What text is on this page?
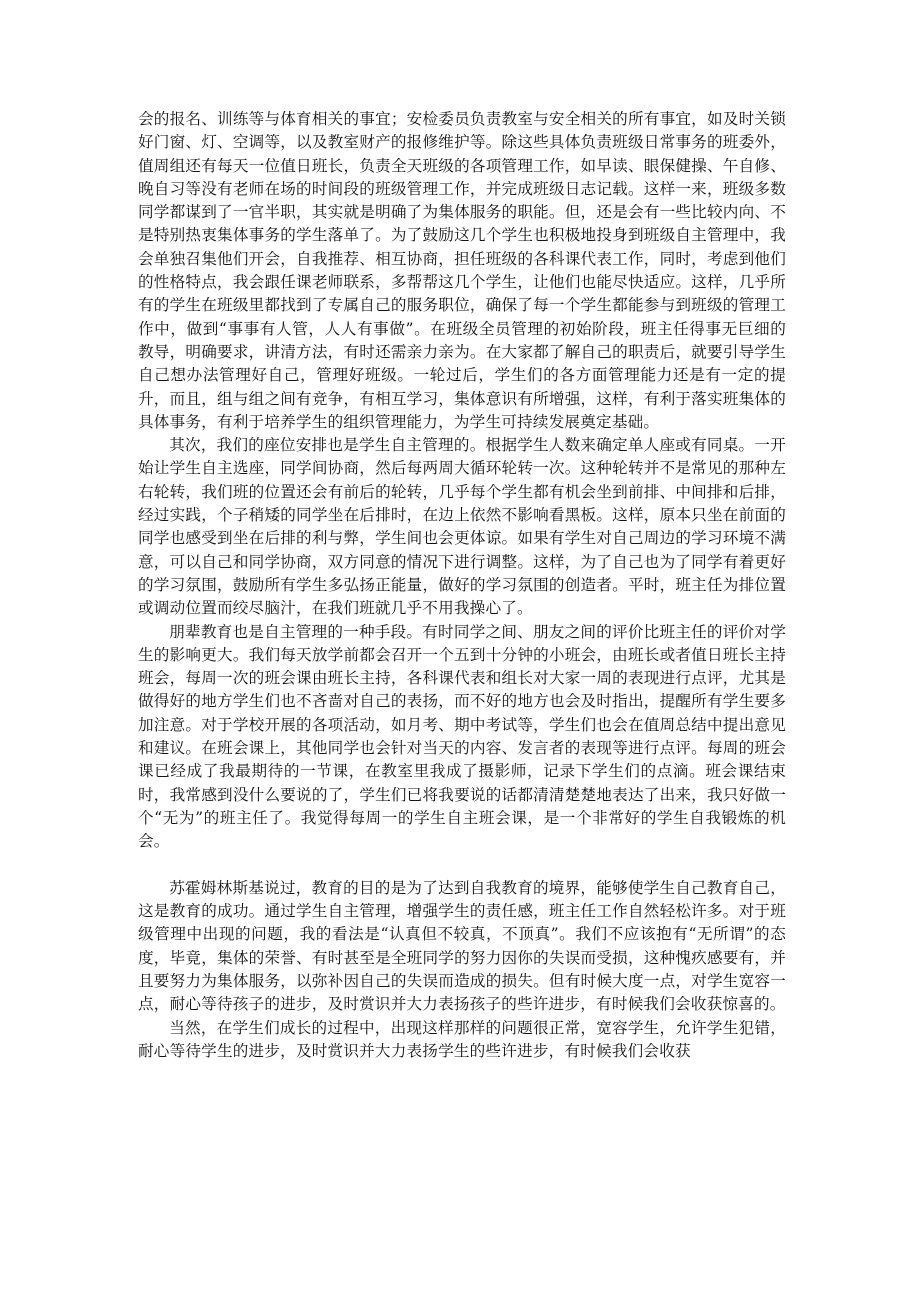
会的报名、训练等与体育相关的事宜；安检委员负责教室与安全相关的所有事宜，如及时关锁好门窗、灯、空调等，以及教室财产的报修维护等。除这些具体负责班级日常事务的班委外，值周组还有每天一位值日班长，负责全天班级的各项管理工作，如早读、眼保健操、午自修、晚自习等没有老师在场的时间段的班级管理工作，并完成班级日志记载。这样一来，班级多数同学都谋到了一官半职，其实就是明确了为集体服务的职能。但，还是会有一些比较内向、不是特别热衷集体事务的学生落单了。为了鼓励这几个学生也积极地投身到班级自主管理中，我会单独召集他们开会，自我推荐、相互协商，担任班级的各科课代表工作，同时，考虑到他们的性格特点，我会跟任课老师联系，多帮帮这几个学生，让他们也能尽快适应。这样，几乎所有的学生在班级里都找到了专属自己的服务职位，确保了每一个学生都能参与到班级的管理工作中，做到“事事有人管，人人有事做”。在班级全员管理的初始阶段，班主任得事无巨细的教导，明确要求，讲清方法，有时还需亲力亲为。在大家都了解自己的职责后，就要引导学生自己想办法管理好自己，管理好班级。一轮过后，学生们的各方面管理能力还是有一定的提升，而且，组与组之间有竞争，有相互学习，集体意识有所增强，这样，有利于落实班集体的具体事务，有利于培养学生的组织管理能力，为学生可持续发展奠定基础。

其次，我们的座位安排也是学生自主管理的。根据学生人数来确定单人座或有同桌。一开始让学生自主选座，同学间协商，然后每两周大循环轮转一次。这种轮转并不是常见的那种左右轮转，我们班的位置还会有前后的轮转，几乎每个学生都有机会坐到前排、中间排和后排，经过实践，个子稍矮的同学坐在后排时，在边上依然不影响看黑板。这样，原本只坐在前面的同学也感受到坐在后排的利与弊，学生间也会更体谅。如果有学生对自己周边的学习环境不满意，可以自己和同学协商，双方同意的情况下进行调整。这样，为了自己也为了同学有着更好的学习氛围，鼓励所有学生多弘扬正能量，做好的学习氛围的创造者。平时，班主任为排位置或调动位置而绞尽脑汁，在我们班就几乎不用我操心了。

朋辈教育也是自主管理的一种手段。有时同学之间、朋友之间的评价比班主任的评价对学生的影响更大。我们每天放学前都会召开一个五到十分钟的小班会，由班长或者值日班长主持班会，每周一次的班会课由班长主持，各科课代表和组长对大家一周的表现进行点评，尤其是做得好的地方学生们也不吝啬对自己的表扬，而不好的地方也会及时指出，提醒所有学生要多加注意。对于学校开展的各项活动，如月考、期中考试等，学生们也会在值周总结中提出意见和建议。在班会课上，其他同学也会针对当天的内容、发言者的表现等进行点评。每周的班会课已经成了我最期待的一节课，在教室里我成了摄影师，记录下学生们的点滴。班会课结束时，我常感到没什么要说的了，学生们已将我要说的话都清清楚楚地表达了出来，我只好做一个“无为”的班主任了。我觉得每周一的学生自主班会课，是一个非常好的学生自我锻炼的机会。

苏霍姆林斯基说过，教育的目的是为了达到自我教育的境界，能够使学生自己教育自己，这是教育的成功。通过学生自主管理，增强学生的责任感，班主任工作自然轻松许多。对于班级管理中出现的问题，我的看法是“认真但不较真，不顶真”。我们不应该抱有“无所谓”的态度，毕竟，集体的荣誉、有时甚至是全班同学的努力因你的失误而受损，这种愧疚感要有，并且要努力为集体服务，以弥补因自己的失误而造成的损失。但有时候大度一点，对学生宽容一点，耐心等待孩子的进步，及时赏识并大力表扬孩子的些许进步，有时候我们会收获惊喜的。

当然，在学生们成长的过程中，出现这样那样的问题很正常，宽容学生，允许学生犯错，耐心等待学生的进步，及时赏识并大力表扬学生的些许进步，有时候我们会收获
